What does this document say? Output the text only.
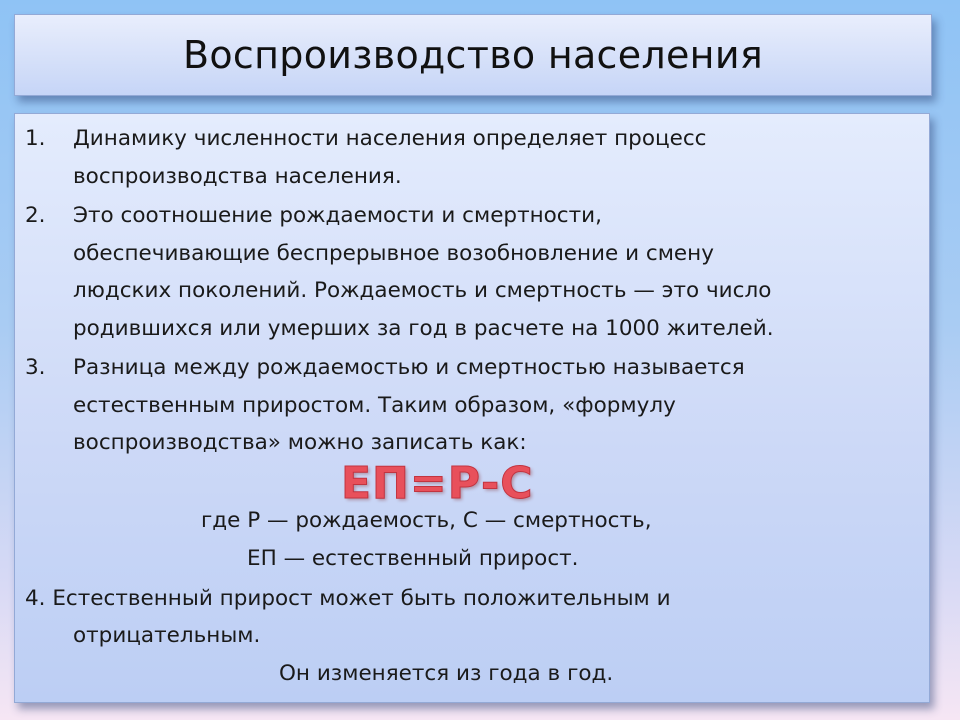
Воспроизводство населения
1. Динамику численности населения определяет процесс
воспроизводства населения.
2. Это соотношение рождаемости и смертности,
обеспечивающие беспрерывное возобновление и смену
людских поколений. Рождаемость и смертность — это число
родившихся или умерших за год в расчете на 1000 жителей.
3. Разница между рождаемостью и смертностью называется
естественным приростом. Таким образом, «формулу
воспроизводства» можно записать как:
ЕП=Р-С
где Р — рождаемость, С — смертность,
ЕП — естественный прирост.
4. Естественный прирост может быть положительным и
отрицательным.
Он изменяется из года в год.
